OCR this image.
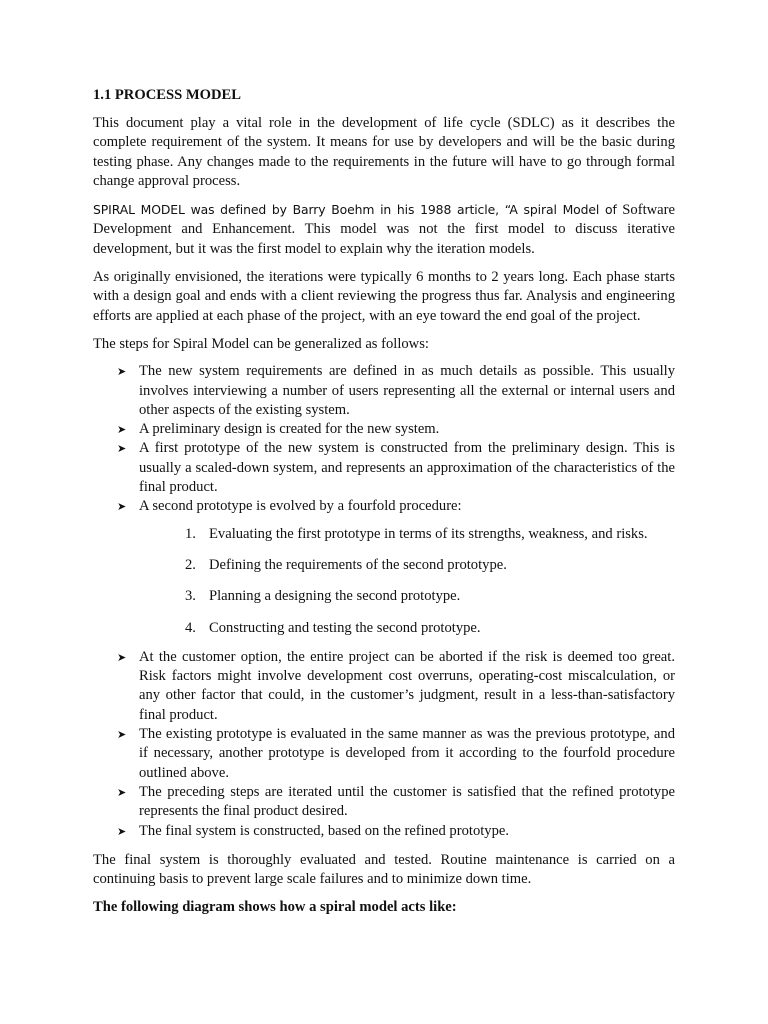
1.1 PROCESS MODEL

This document play a vital role in the development of life cycle (SDLC) as it describes the complete requirement of the system. It means for use by developers and will be the basic during testing phase. Any changes made to the requirements in the future will have to go through formal change approval process.

SPIRAL MODEL was defined by Barry Boehm in his 1988 article, “A spiral Model of Software Development and Enhancement. This model was not the first model to discuss iterative development, but it was the first model to explain why the iteration models.

As originally envisioned, the iterations were typically 6 months to 2 years long. Each phase starts with a design goal and ends with a client reviewing the progress thus far. Analysis and engineering efforts are applied at each phase of the project, with an eye toward the end goal of the project.

The steps for Spiral Model can be generalized as follows:

➤ The new system requirements are defined in as much details as possible. This usually involves interviewing a number of users representing all the external or internal users and other aspects of the existing system.
➤ A preliminary design is created for the new system.
➤ A first prototype of the new system is constructed from the preliminary design. This is usually a scaled-down system, and represents an approximation of the characteristics of the final product.
➤ A second prototype is evolved by a fourfold procedure:
1. Evaluating the first prototype in terms of its strengths, weakness, and risks.
2. Defining the requirements of the second prototype.
3. Planning a designing the second prototype.
4. Constructing and testing the second prototype.
➤ At the customer option, the entire project can be aborted if the risk is deemed too great. Risk factors might involve development cost overruns, operating-cost miscalculation, or any other factor that could, in the customer’s judgment, result in a less-than-satisfactory final product.
➤ The existing prototype is evaluated in the same manner as was the previous prototype, and if necessary, another prototype is developed from it according to the fourfold procedure outlined above.
➤ The preceding steps are iterated until the customer is satisfied that the refined prototype represents the final product desired.
➤ The final system is constructed, based on the refined prototype.

The final system is thoroughly evaluated and tested. Routine maintenance is carried on a continuing basis to prevent large scale failures and to minimize down time.

The following diagram shows how a spiral model acts like:
